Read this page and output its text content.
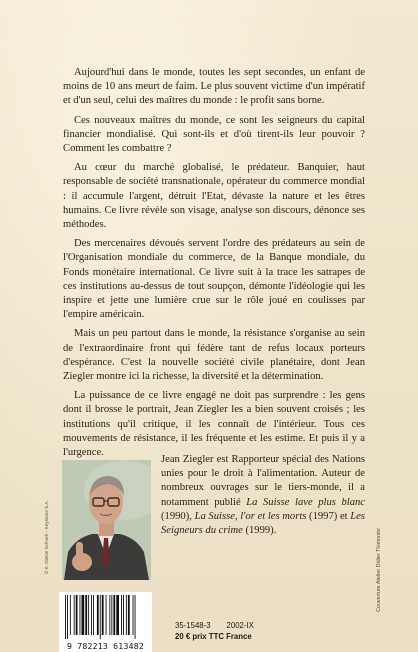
Aujourd'hui dans le monde, toutes les sept secondes, un enfant de moins de 10 ans meurt de faim. Le plus souvent victime d'un impératif et d'un seul, celui des maîtres du monde : le profit sans borne.

Ces nouveaux maîtres du monde, ce sont les seigneurs du capital financier mondialisé. Qui sont-ils et d'où tirent-ils leur pouvoir ? Comment les combattre ?

Au cœur du marché globalisé, le prédateur. Banquier, haut responsable de société transnationale, opérateur du commerce mondial : il accumule l'argent, détruit l'Etat, dévaste la nature et les êtres humains. Ce livre révèle son visage, analyse son discours, dénonce ses méthodes.

Des mercenaires dévoués servent l'ordre des prédateurs au sein de l'Organisation mondiale du commerce, de la Banque mondiale, du Fonds monétaire international. Ce livre suit à la trace les satrapes de ces institutions au-dessus de tout soupçon, démonte l'idéologie qui les inspire et jette une lumière crue sur le rôle joué en coulisses par l'empire américain.

Mais un peu partout dans le monde, la résistance s'organise au sein de l'extraordinaire front qui fédère tant de refus locaux porteurs d'espérance. C'est la nouvelle société civile planétaire, dont Jean Ziegler montre ici la richesse, la diversité et la détermination.

La puissance de ce livre engagé ne doit pas surprendre : les gens dont il brosse le portrait, Jean Ziegler les a bien souvent croisés ; les institutions qu'il critique, il les connaît de l'intérieur. Tous ces mouvements de résistance, il les fréquente et les estime. Et puis il y a l'urgence.

© K. Dietze Schnell – Keystone S.A.

Jean Ziegler est Rapporteur spécial des Nations unies pour le droit à l'alimentation. Auteur de nombreux ouvrages sur le tiers-monde, il a notamment publié La Suisse lave plus blanc (1990), La Suisse, l'or et les morts (1997) et Les Seigneurs du crime (1999).	Couverture Atelier Didier Thimonier
9 782213 613482
35-1548-3 2002-IX
20 € prix TTC France
